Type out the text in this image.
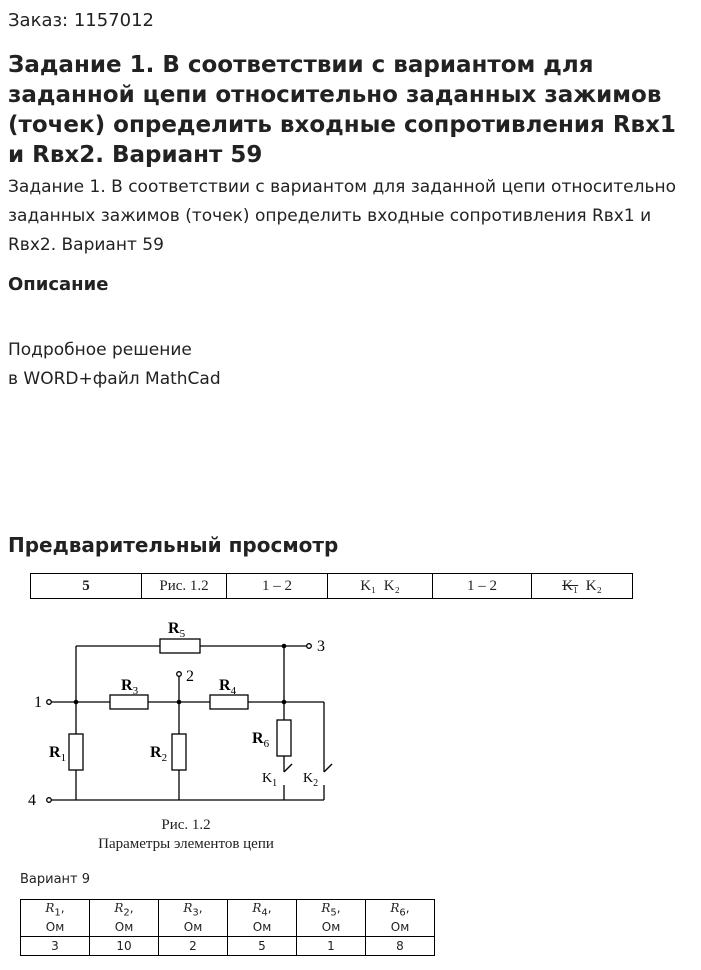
Заказ: 1157012
Задание 1. В соответствии с вариантом для заданной цепи относительно заданных зажимов (точек) определить входные сопротивления Rвх1 и Rвх2. Вариант 59
Задание 1. В соответствии с вариантом для заданной цепи относительно заданных зажимов (точек) определить входные сопротивления Rвх1 и Rвх2. Вариант 59
Описание
Подробное решение
в WORD+файл MathCad
Предварительный просмотр
5	Рис. 1.2	1 – 2	K₁ K₂	1 – 2	K₁ K₂
1
4
2
3
$R_5$
$R_3$	$R_4$
$R_1$	$R_2$
$R_6$
$K_1$ $K_2$
Рис. 1.2
Параметры элементов цепи
Вариант 9
$R_1$,
Ом	$R_2$,
Ом	$R_3$,
Ом	$R_4$,
Ом	$R_5$,
Ом	$R_6$,
Ом
3	10	2	5	1	8
